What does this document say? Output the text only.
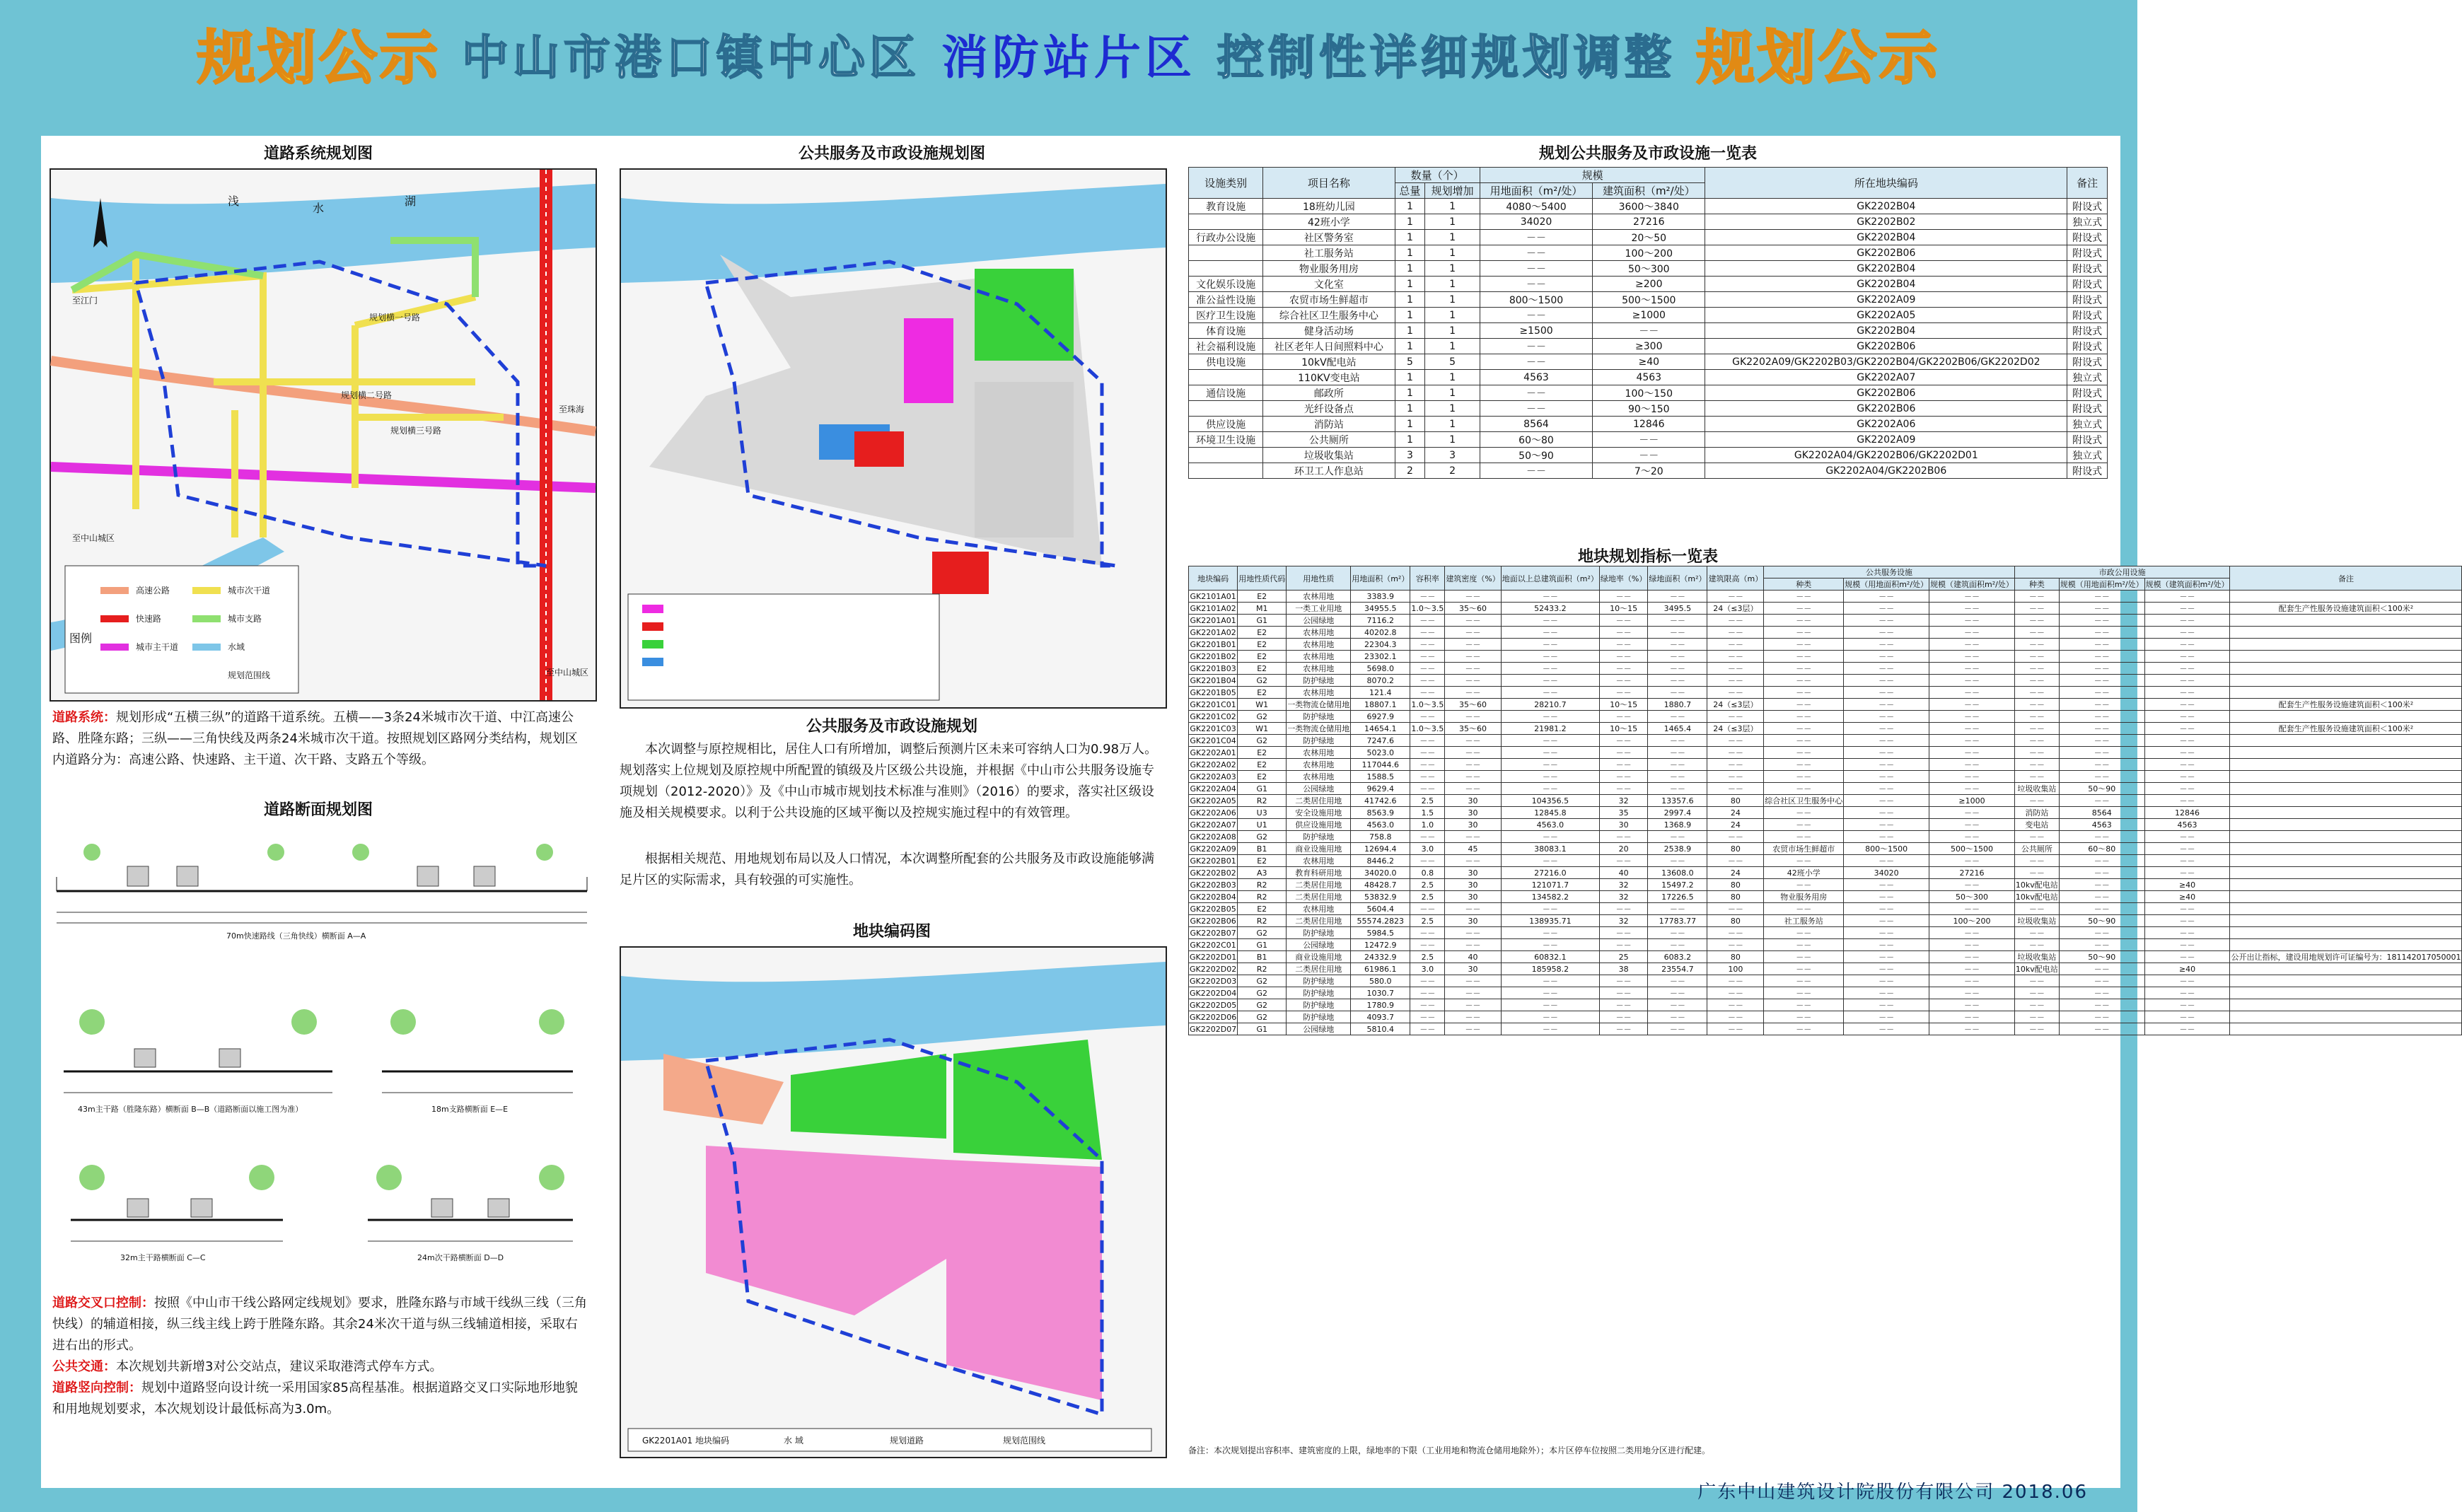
规划公示 中山市港口镇中心区 消防站片区 控制性详细规划调整 规划公示
道路系统规划图
高速公路	城市次干道
快速路	城市支路
城市主干道	水域
规划范围线
图例
浅
水
湖
至江门
至珠海
至中山城区
至中山城区
规划横二号路
规划横一号路
规划横三号路
道路系统：规划形成“五横三纵”的道路干道系统。五横——3条24米城市次干道、中江高速公路、胜隆东路；三纵——三角快线及两条24米城市次干道。按照规划区路网分类结构，规划区内道路分为：高速公路、快速路、主干道、次干路、支路五个等级。
道路断面规划图
70m快速路线（三角快线）横断面 A—A
43m主干路（胜隆东路）横断面 B—B（道路断面以施工图为准）	18m支路横断面 E—E
32m主干路横断面 C—C	24m次干路横断面 D—D
道路交叉口控制：按照《中山市干线公路网定线规划》要求，胜隆东路与市域干线纵三线（三角快线）的辅道相接，纵三线主线上跨于胜隆东路。其余24米次干道与纵三线辅道相接，采取右进右出的形式。
公共交通：本次规划共新增3对公交站点，建议采取港湾式停车方式。
道路竖向控制：规划中道路竖向设计统一采用国家85高程基准。根据道路交叉口实际地形地貌和用地规划要求，本次规划设计最低标高为3.0m。
公共服务及市政设施规划图
公共服务及市政设施规划
本次调整与原控规相比，居住人口有所增加，调整后预测片区未来可容纳人口为0.98万人。规划落实上位规划及原控规中所配置的镇级及片区级公共设施，并根据《中山市公共服务设施专项规划（2012-2020）》及《中山市城市规划技术标准与准则》（2016）的要求，落实社区级设施及相关规模要求。以利于公共设施的区域平衡以及控规实施过程中的有效管理。
根据相关规范、用地规划布局以及人口情况，本次调整所配套的公共服务及市政设施能够满足片区的实际需求，具有较强的可实施性。
地块编码图
GK2201A01 地块编码	水 域	规划道路	规划范围线
规划公共服务及市政设施一览表
设施类别	项目名称	数量（个）		规模		所在地块编码	备注
		总量	规划增加	用地面积（m²/处）	建筑面积（m²/处）		
教育设施	18班幼儿园	1	1	4080～5400	3600～3840	GK2202B04	附设式
	42班小学	1	1	34020	27216	GK2202B02	独立式
行政办公设施	社区警务室	1	1	－－	20～50	GK2202B04	附设式
	社工服务站	1	1	－－	100～200	GK2202B06	附设式
	物业服务用房	1	1	－－	50～300	GK2202B04	附设式
文化娱乐设施	文化室	1	1	－－	≥200	GK2202B04	附设式
准公益性设施	农贸市场生鲜超市	1	1	800～1500	500～1500	GK2202A09	附设式
医疗卫生设施	综合社区卫生服务中心	1	1	－－	≥1000	GK2202A05	附设式
体育设施	健身活动场	1	1	≥1500	－－	GK2202B04	附设式
社会福利设施	社区老年人日间照料中心	1	1	－－	≥300	GK2202B06	附设式
供电设施	10kV配电站	5	5	－－	≥40	GK2202A09/GK2202B03/GK2202B04/GK2202B06/GK2202D02	附设式
	110KV变电站	1	1	4563	4563	GK2202A07	独立式
通信设施	邮政所	1	1	－－	100～150	GK2202B06	附设式
	光纤设备点	1	1	－－	90～150	GK2202B06	附设式
供应设施	消防站	1	1	8564	12846	GK2202A06	独立式
环境卫生设施	公共厕所	1	1	60～80	－－	GK2202A09	附设式
	垃圾收集站	3	3	50～90	－－	GK2202A04/GK2202B06/GK2202D01	独立式
	环卫工人作息站	2	2	－－	7～20	GK2202A04/GK2202B06	附设式
地块规划指标一览表
地块编码	用地性质代码	用地性质	用地面积（m²）	容积率	建筑密度（%）	地面以上总建筑面积（m²）	绿地率（%）	绿地面积（m²）	建筑限高（m）	公共服务设施			市政公用设施			备注
										种类	规模（用地面积m²/处）	规模（建筑面积m²/处）	种类	规模（用地面积m²/处）	规模（建筑面积m²/处）	
GK2101A01	E2	农林用地	3383.9	－－	－－	－－	－－	－－	－－	－－	－－	－－	－－	－－	－－	
GK2101A02	M1	一类工业用地	34955.5	1.0～3.5	35～60	52433.2	10～15	3495.5	24（≤3层）	－－	－－	－－	－－	－－	－－	配套生产性服务设施建筑面积＜100米²
GK2201A01	G1	公园绿地	7116.2	－－	－－	－－	－－	－－	－－	－－	－－	－－	－－	－－	－－	
GK2201A02	E2	农林用地	40202.8	－－	－－	－－	－－	－－	－－	－－	－－	－－	－－	－－	－－	
GK2201B01	E2	农林用地	22304.3	－－	－－	－－	－－	－－	－－	－－	－－	－－	－－	－－	－－	
GK2201B02	E2	农林用地	23302.1	－－	－－	－－	－－	－－	－－	－－	－－	－－	－－	－－	－－	
GK2201B03	E2	农林用地	5698.0	－－	－－	－－	－－	－－	－－	－－	－－	－－	－－	－－	－－	
GK2201B04	G2	防护绿地	8070.2	－－	－－	－－	－－	－－	－－	－－	－－	－－	－－	－－	－－	
GK2201B05	E2	农林用地	121.4	－－	－－	－－	－－	－－	－－	－－	－－	－－	－－	－－	－－	
GK2201C01	W1	一类物流仓储用地	18807.1	1.0～3.5	35～60	28210.7	10～15	1880.7	24（≤3层）	－－	－－	－－	－－	－－	－－	配套生产性服务设施建筑面积＜100米²
GK2201C02	G2	防护绿地	6927.9	－－	－－	－－	－－	－－	－－	－－	－－	－－	－－	－－	－－	
GK2201C03	W1	一类物流仓储用地	14654.1	1.0～3.5	35～60	21981.2	10～15	1465.4	24（≤3层）	－－	－－	－－	－－	－－	－－	配套生产性服务设施建筑面积＜100米²
GK2201C04	G2	防护绿地	7247.6	－－	－－	－－	－－	－－	－－	－－	－－	－－	－－	－－	－－	
GK2202A01	E2	农林用地	5023.0	－－	－－	－－	－－	－－	－－	－－	－－	－－	－－	－－	－－	
GK2202A02	E2	农林用地	117044.6	－－	－－	－－	－－	－－	－－	－－	－－	－－	－－	－－	－－	
GK2202A03	E2	农林用地	1588.5	－－	－－	－－	－－	－－	－－	－－	－－	－－	－－	－－	－－	
GK2202A04	G1	公园绿地	9629.4	－－	－－	－－	－－	－－	－－	－－	－－	－－	垃圾收集站	50～90	－－	
GK2202A05	R2	二类居住用地	41742.6	2.5	30	104356.5	32	13357.6	80	综合社区卫生服务中心	－－	≥1000	－－	－－	－－	
GK2202A06	U3	安全设施用地	8563.9	1.5	30	12845.8	35	2997.4	24	－－	－－	－－	消防站	8564	12846	
GK2202A07	U1	供应设施用地	4563.0	1.0	30	4563.0	30	1368.9	24	－－	－－	－－	变电站	4563	4563	
GK2202A08	G2	防护绿地	758.8	－－	－－	－－	－－	－－	－－	－－	－－	－－	－－	－－	－－	
GK2202A09	B1	商业设施用地	12694.4	3.0	45	38083.1	20	2538.9	80	农贸市场生鲜超市	800～1500	500～1500	公共厕所	60～80	－－	
GK2202B01	E2	农林用地	8446.2	－－	－－	－－	－－	－－	－－	－－	－－	－－	－－	－－	－－	
GK2202B02	A3	教育科研用地	34020.0	0.8	30	27216.0	40	13608.0	24	42班小学	34020	27216	－－	－－	－－	
GK2202B03	R2	二类居住用地	48428.7	2.5	30	121071.7	32	15497.2	80	－－	－－	－－	10kv配电站	－－	≥40	
GK2202B04	R2	二类居住用地	53832.9	2.5	30	134582.2	32	17226.5	80	物业服务用房	－－	50～300	10kv配电站	－－	≥40	
GK2202B05	E2	农林用地	5604.4	－－	－－	－－	－－	－－	－－	－－	－－	－－	－－	－－	－－	
GK2202B06	R2	二类居住用地	55574.2823	2.5	30	138935.71	32	17783.77	80	社工服务站	－－	100～200	垃圾收集站	50～90	－－	
GK2202B07	G2	防护绿地	5984.5	－－	－－	－－	－－	－－	－－	－－	－－	－－	－－	－－	－－	
GK2202C01	G1	公园绿地	12472.9	－－	－－	－－	－－	－－	－－	－－	－－	－－	－－	－－	－－	
GK2202D01	B1	商业设施用地	24332.9	2.5	40	60832.1	25	6083.2	80	－－	－－	－－	垃圾收集站	50～90	－－	公开出让指标，建设用地规划许可证编号为：181142017050001
GK2202D02	R2	二类居住用地	61986.1	3.0	30	185958.2	38	23554.7	100	－－	－－	－－	10kv配电站	－－	≥40	
GK2202D03	G2	防护绿地	580.0	－－	－－	－－	－－	－－	－－	－－	－－	－－	－－	－－	－－	
GK2202D04	G2	防护绿地	1030.7	－－	－－	－－	－－	－－	－－	－－	－－	－－	－－	－－	－－	
GK2202D05	G2	防护绿地	1780.9	－－	－－	－－	－－	－－	－－	－－	－－	－－	－－	－－	－－	
GK2202D06	G2	防护绿地	4093.7	－－	－－	－－	－－	－－	－－	－－	－－	－－	－－	－－	－－	
GK2202D07	G1	公园绿地	5810.4	－－	－－	－－	－－	－－	－－	－－	－－	－－	－－	－－	－－	
备注：本次规划提出容积率、建筑密度的上限，绿地率的下限（工业用地和物流仓储用地除外）；本片区停车位按照二类用地分区进行配建。
广东中山建筑设计院股份有限公司 2018.06
